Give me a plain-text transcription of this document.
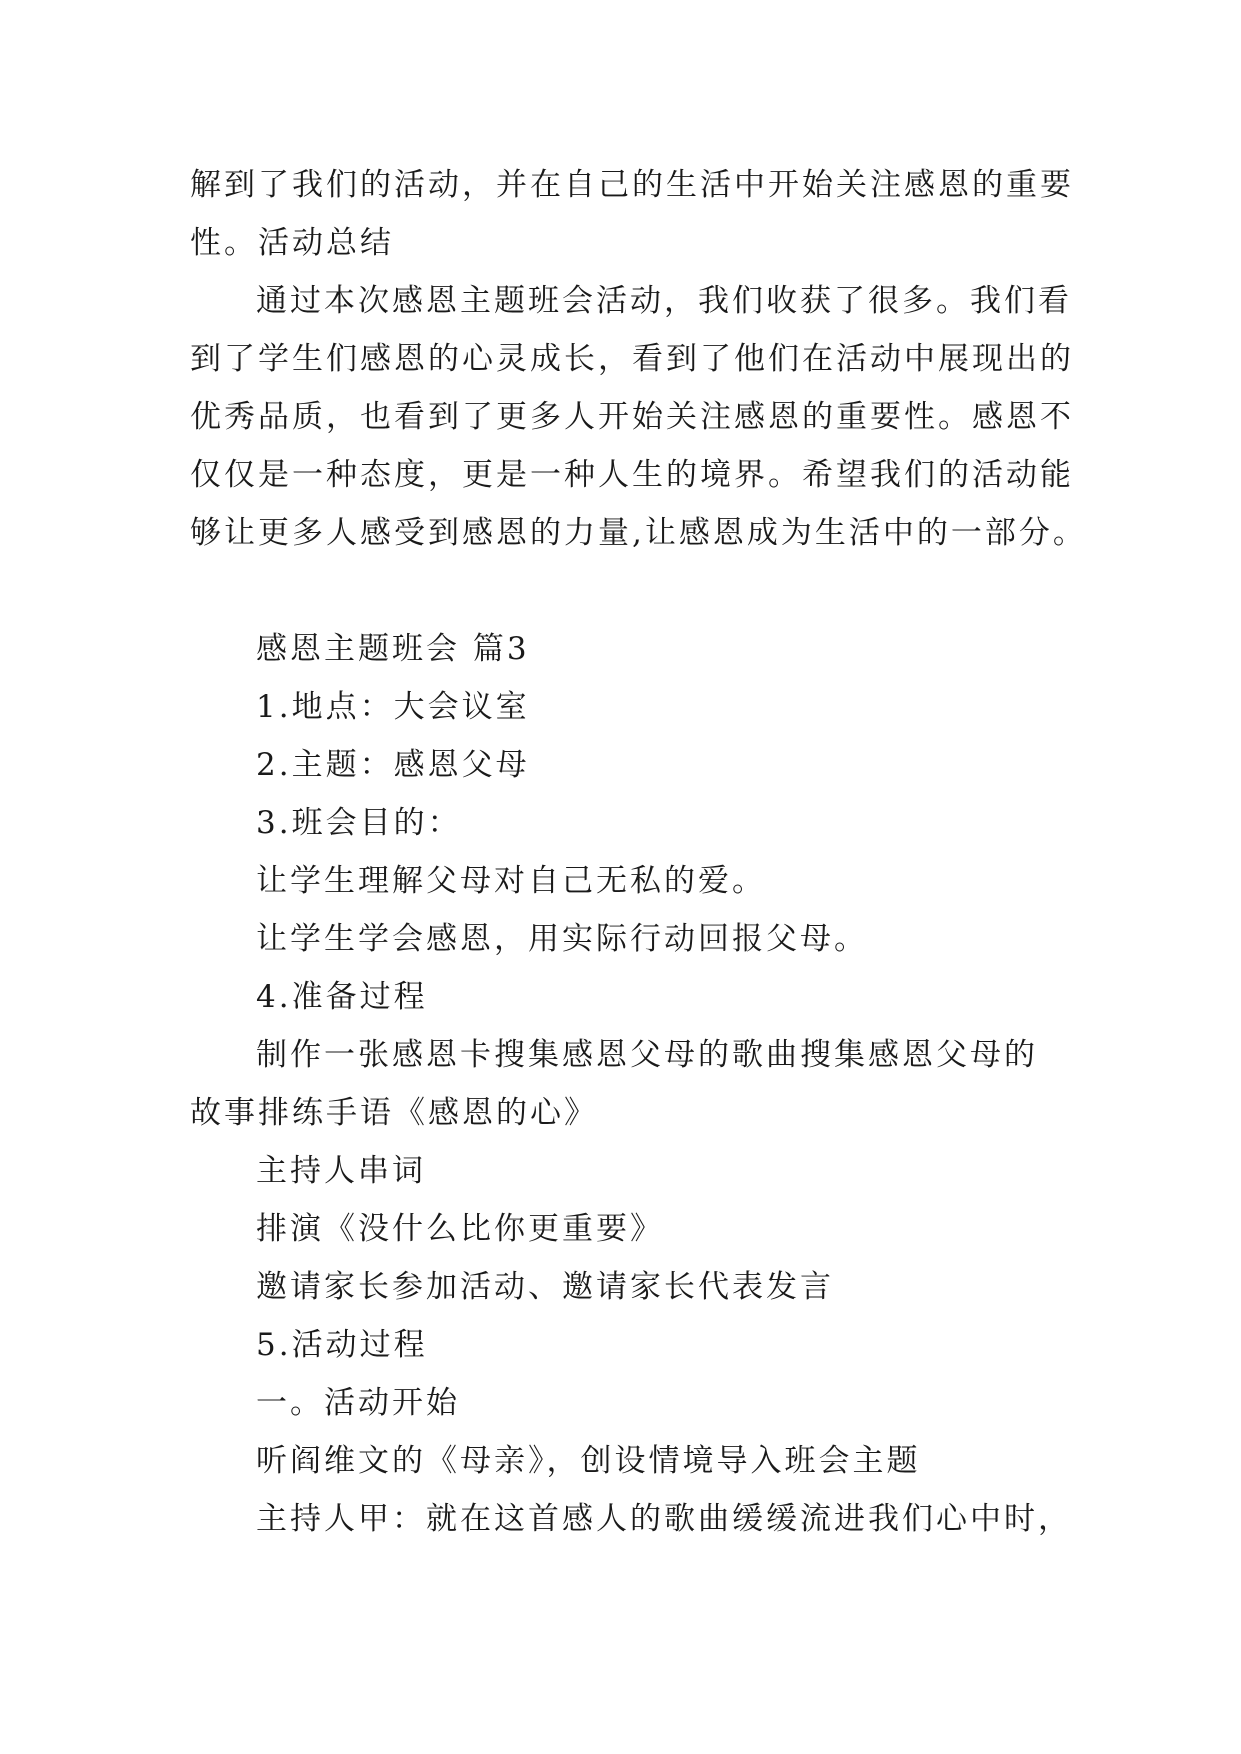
解到了我们的活动，并在自己的生活中开始关注感恩的重要
性。活动总结
通过本次感恩主题班会活动，我们收获了很多。我们看
到了学生们感恩的心灵成长，看到了他们在活动中展现出的
优秀品质，也看到了更多人开始关注感恩的重要性。感恩不
仅仅是一种态度，更是一种人生的境界。希望我们的活动能
够让更多人感受到感恩的力量,让感恩成为生活中的一部分。
感恩主题班会 篇3
1.地点：大会议室
2.主题：感恩父母
3.班会目的：
让学生理解父母对自己无私的爱。
让学生学会感恩，用实际行动回报父母。
4.准备过程
制作一张感恩卡搜集感恩父母的歌曲搜集感恩父母的
故事排练手语《感恩的心》
主持人串词
排演《没什么比你更重要》
邀请家长参加活动、邀请家长代表发言
5.活动过程
一。活动开始
听阎维文的《母亲》，创设情境导入班会主题
主持人甲：就在这首感人的歌曲缓缓流进我们心中时，
